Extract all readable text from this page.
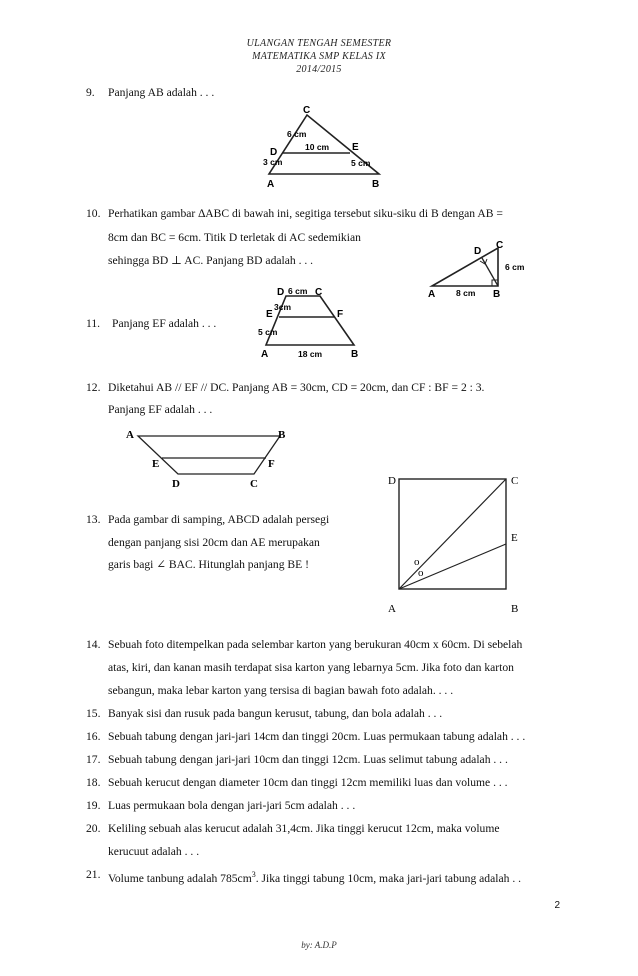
ULANGAN TENGAH SEMESTER
MATEMATIKA SMP KELAS IX
2014/2015
9. Panjang AB adalah . . .
C
D	E
A	B
6 cm
10 cm
3 cm	5 cm
10. Perhatikan gambar ∆ABC di bawah ini, segitiga tersebut siku-siku di B dengan AB =
8cm dan BC = 6cm. Titik D terletak di AC sedemikian
sehingga BD ⊥ AC. Panjang BD adalah . . .
D
C
A	B
8 cm
6 cm
11. Panjang EF adalah . . .
D	C
E	F
A	B
6 cm
3cm
5 cm
18 cm
12. Diketahui AB // EF // DC. Panjang AB = 30cm, CD = 20cm, dan CF : BF = 2 : 3.
Panjang EF adalah . . .
A	B
E	F
D	C
13. Pada gambar di samping, ABCD adalah persegi
dengan panjang sisi 20cm dan AE merupakan
garis bagi ∠ BAC. Hitunglah panjang BE !
D	C
E
o
o
A	B
14. Sebuah foto ditempelkan pada selembar karton yang berukuran 40cm x 60cm. Di sebelah
atas, kiri, dan kanan masih terdapat sisa karton yang lebarnya 5cm. Jika foto dan karton
sebangun, maka lebar karton yang tersisa di bagian bawah foto adalah. . . .
15. Banyak sisi dan rusuk pada bangun kerusut, tabung, dan bola adalah . . .
16. Sebuah tabung dengan jari-jari 14cm dan tinggi 20cm. Luas permukaan tabung adalah . . .
17. Sebuah tabung dengan jari-jari 10cm dan tinggi 12cm. Luas selimut tabung adalah . . .
18. Sebuah kerucut dengan diameter 10cm dan tinggi 12cm memiliki luas dan volume . . .
19. Luas permukaan bola dengan jari-jari 5cm adalah . . .
20. Keliling sebuah alas kerucut adalah 31,4cm. Jika tinggi kerucut 12cm, maka volume
kerucuut adalah . . .
21. Volume tanbung adalah $785cm^3$. Jika tinggi tabung 10cm, maka jari-jari tabung adalah . .
2
by: A.D.P
